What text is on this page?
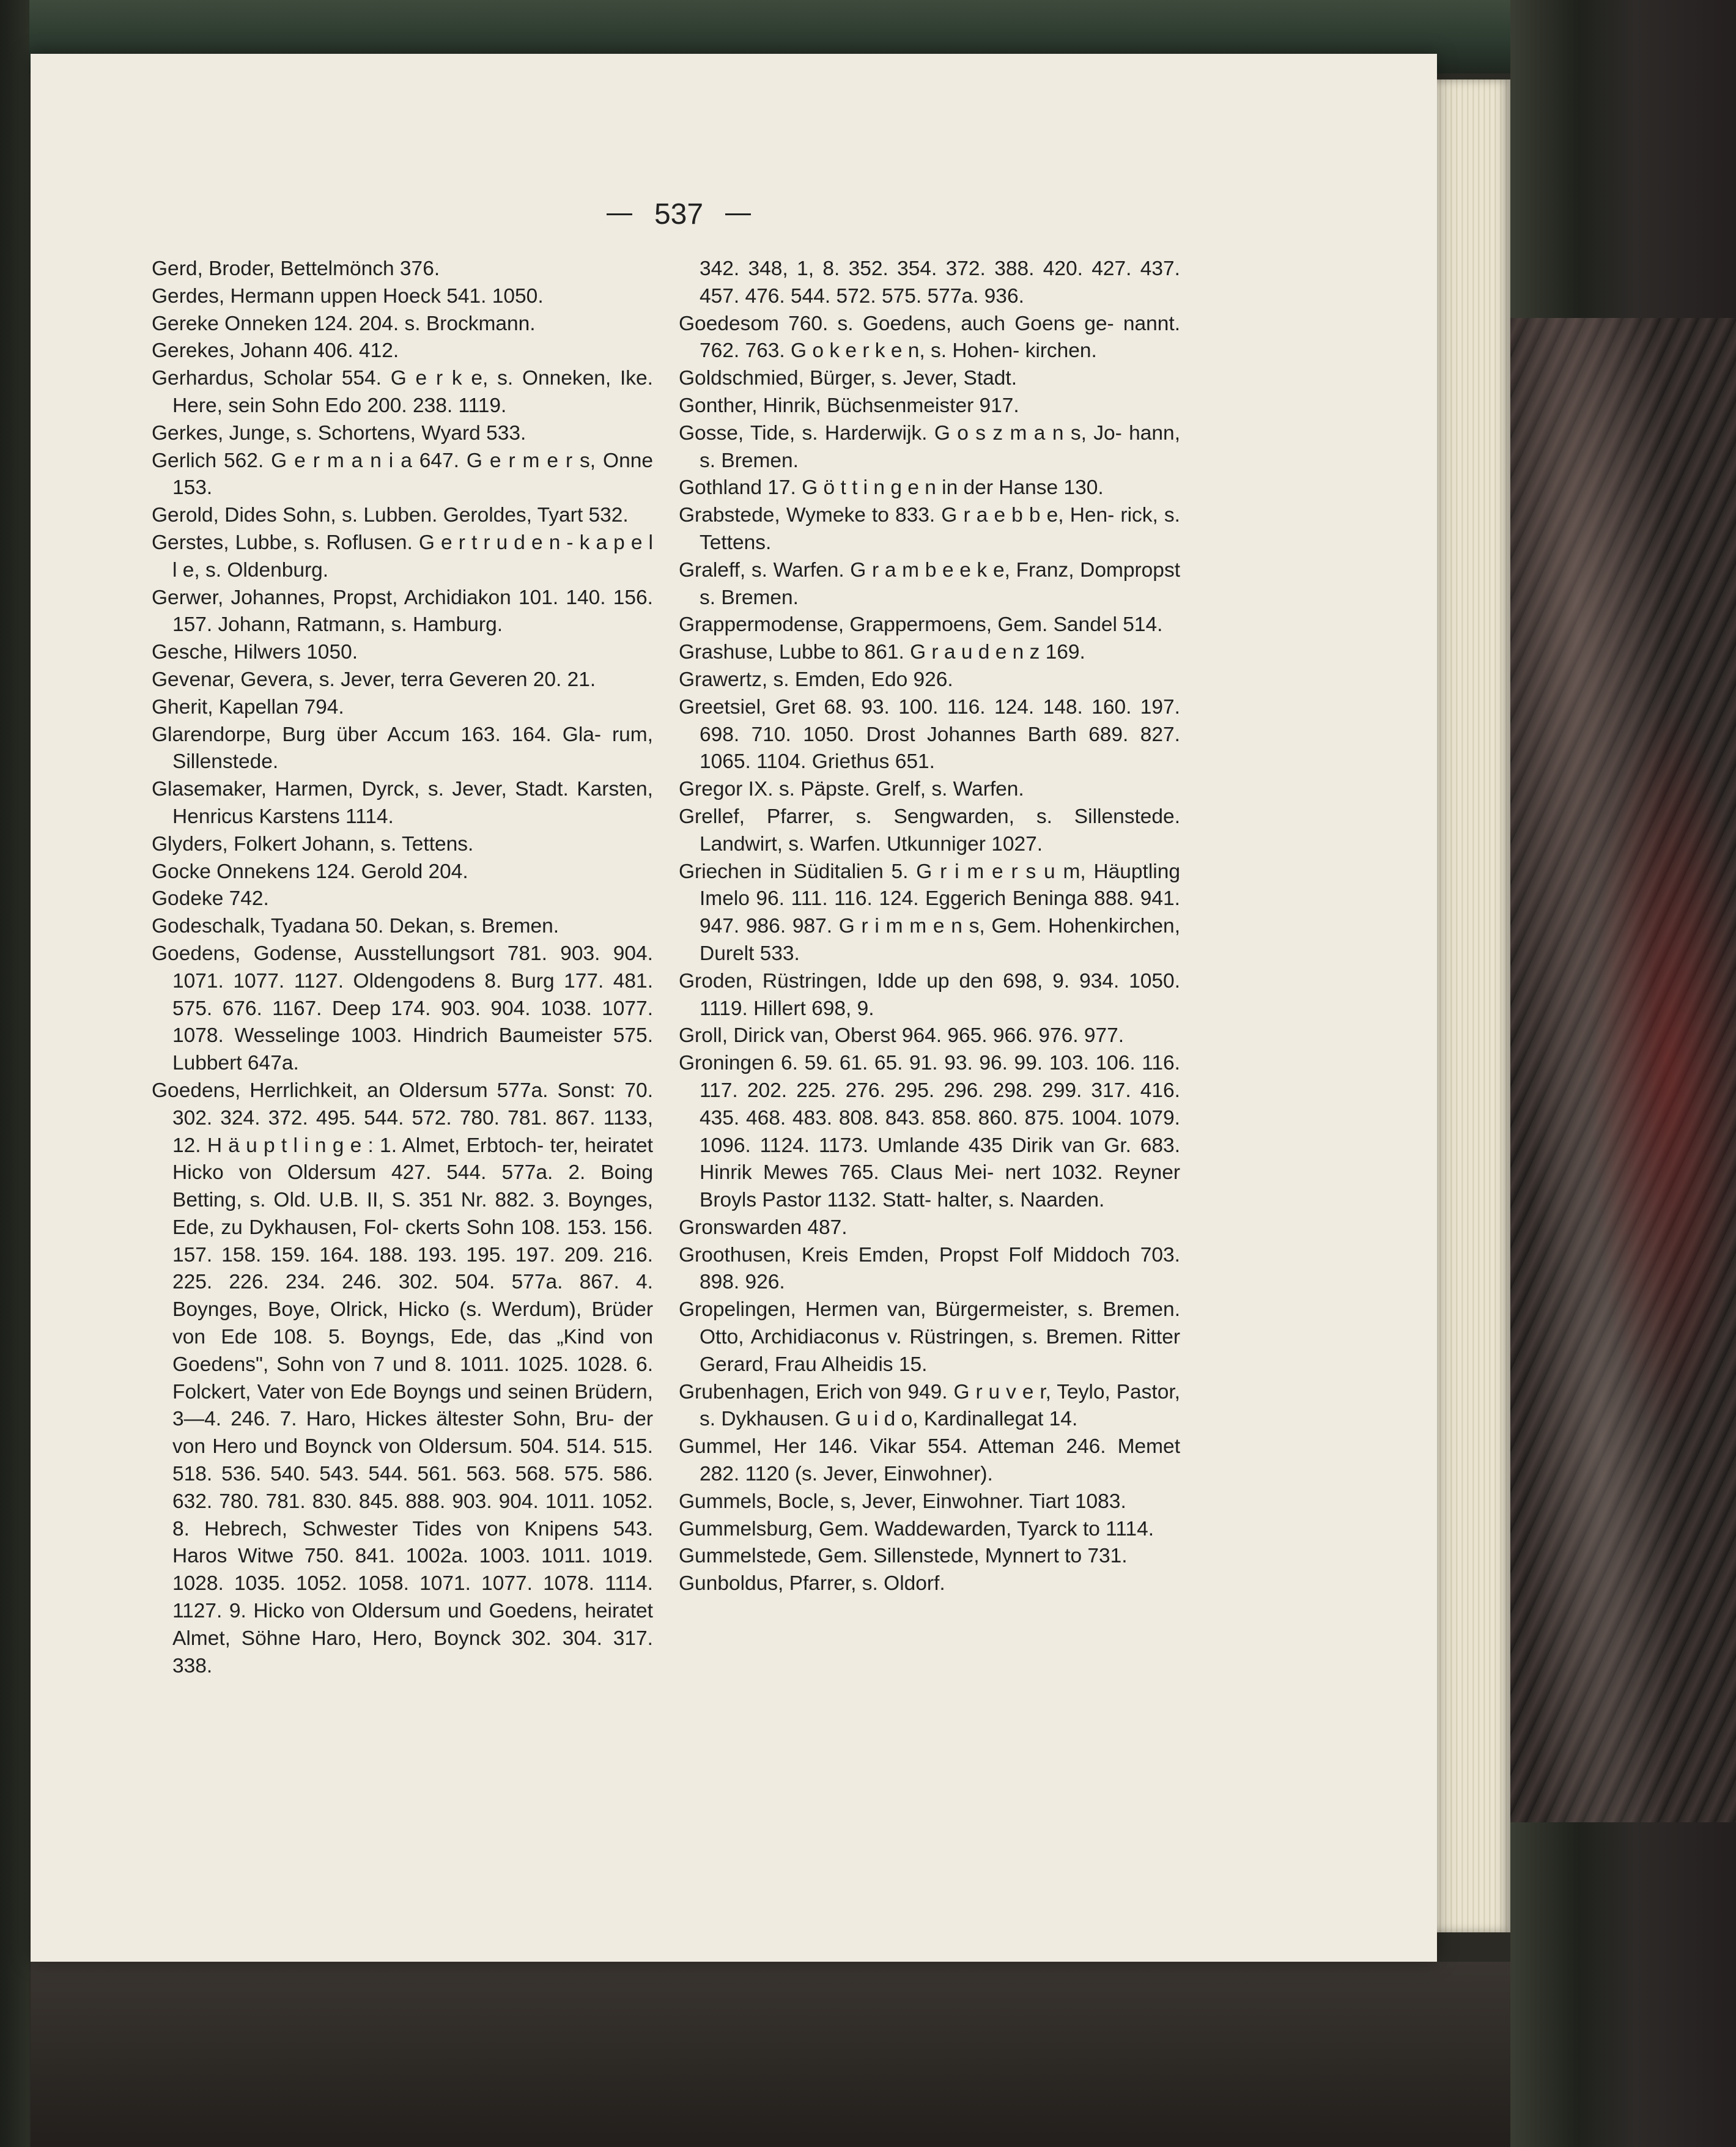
537

Gerd, Broder, Bettelmönch 376.

Gerdes, Hermann uppen Hoeck 541. 1050.

Gereke Onneken 124. 204. s. Brockmann.

Gerekes, Johann 406. 412.

Gerhardus, Scholar 554. G e r k e, s. Onneken, Ike. Here, sein Sohn Edo 200. 238. 1119.

Gerkes, Junge, s. Schortens, Wyard 533.

Gerlich 562. G e r m a n i a 647. G e r m e r s, Onne 153.

Gerold, Dides Sohn, s. Lubben. Geroldes, Tyart 532.

Gerstes, Lubbe, s. Roflusen. G e r t r u d e n - k a p e l l e, s. Oldenburg.

Gerwer, Johannes, Propst, Archidiakon 101. 140. 156. 157. Johann, Ratmann, s. Hamburg.

Gesche, Hilwers 1050.

Gevenar, Gevera, s. Jever, terra Geveren 20. 21.

Gherit, Kapellan 794.

Glarendorpe, Burg über Accum 163. 164. Gla- rum, Sillenstede.

Glasemaker, Harmen, Dyrck, s. Jever, Stadt. Karsten, Henricus Karstens 1114.

Glyders, Folkert Johann, s. Tettens.

Gocke Onnekens 124. Gerold 204.

Godeke 742.

Godeschalk, Tyadana 50. Dekan, s. Bremen.

Goedens, Godense, Ausstellungsort 781. 903. 904. 1071. 1077. 1127. Oldengodens 8. Burg 177. 481. 575. 676. 1167. Deep 174. 903. 904. 1038. 1077. 1078. Wesselinge 1003. Hindrich Baumeister 575. Lubbert 647a.

Goedens, Herrlichkeit, an Oldersum 577a. Sonst: 70. 302. 324. 372. 495. 544. 572. 780. 781. 867. 1133, 12. H ä u p t l i n g e : 1. Almet, Erbtoch- ter, heiratet Hicko von Oldersum 427. 544. 577a. 2. Boing Betting, s. Old. U.B. II, S. 351 Nr. 882. 3. Boynges, Ede, zu Dykhausen, Fol- ckerts Sohn 108. 153. 156. 157. 158. 159. 164. 188. 193. 195. 197. 209. 216. 225. 226. 234. 246. 302. 504. 577a. 867. 4. Boynges, Boye, Olrick, Hicko (s. Werdum), Brüder von Ede 108. 5. Boyngs, Ede, das „Kind von Goedens", Sohn von 7 und 8. 1011. 1025. 1028. 6. Folckert, Vater von Ede Boyngs und seinen Brüdern, 3—4. 246. 7. Haro, Hickes ältester Sohn, Bru- der von Hero und Boynck von Oldersum. 504. 514. 515. 518. 536. 540. 543. 544. 561. 563. 568. 575. 586. 632. 780. 781. 830. 845. 888. 903. 904. 1011. 1052. 8. Hebrech, Schwester Tides von Knipens 543. Haros Witwe 750. 841. 1002a. 1003. 1011. 1019. 1028. 1035. 1052. 1058. 1071. 1077. 1078. 1114. 1127. 9. Hicko von Oldersum und Goedens, heiratet Almet, Söhne Haro, Hero, Boynck 302. 304. 317. 338.

342. 348, 1, 8. 352. 354. 372. 388. 420. 427. 437. 457. 476. 544. 572. 575. 577a. 936.

Goedesom 760. s. Goedens, auch Goens ge- nannt. 762. 763. G o k e r k e n, s. Hohen- kirchen.

Goldschmied, Bürger, s. Jever, Stadt.

Gonther, Hinrik, Büchsenmeister 917.

Gosse, Tide, s. Harderwijk. G o s z m a n s, Jo- hann, s. Bremen.

Gothland 17. G ö t t i n g e n in der Hanse 130.

Grabstede, Wymeke to 833. G r a e b b e, Hen- rick, s. Tettens.

Graleff, s. Warfen. G r a m b e e k e, Franz, Dompropst s. Bremen.

Grappermodense, Grappermoens, Gem. Sandel 514.

Grashuse, Lubbe to 861. G r a u d e n z 169.

Grawertz, s. Emden, Edo 926.

Greetsiel, Gret 68. 93. 100. 116. 124. 148. 160. 197. 698. 710. 1050. Drost Johannes Barth 689. 827. 1065. 1104. Griethus 651.

Gregor IX. s. Päpste. Grelf, s. Warfen.

Grellef, Pfarrer, s. Sengwarden, s. Sillenstede. Landwirt, s. Warfen. Utkunniger 1027.

Griechen in Süditalien 5. G r i m e r s u m, Häuptling Imelo 96. 111. 116. 124. Eggerich Beninga 888. 941. 947. 986. 987. G r i m m e n s, Gem. Hohenkirchen, Durelt 533.

Groden, Rüstringen, Idde up den 698, 9. 934. 1050. 1119. Hillert 698, 9.

Groll, Dirick van, Oberst 964. 965. 966. 976. 977.

Groningen 6. 59. 61. 65. 91. 93. 96. 99. 103. 106. 116. 117. 202. 225. 276. 295. 296. 298. 299. 317. 416. 435. 468. 483. 808. 843. 858. 860. 875. 1004. 1079. 1096. 1124. 1173. Umlande 435 Dirik van Gr. 683. Hinrik Mewes 765. Claus Mei- nert 1032. Reyner Broyls Pastor 1132. Statt- halter, s. Naarden.

Gronswarden 487.

Groothusen, Kreis Emden, Propst Folf Middoch 703. 898. 926.

Gropelingen, Hermen van, Bürgermeister, s. Bremen. Otto, Archidiaconus v. Rüstringen, s. Bremen. Ritter Gerard, Frau Alheidis 15.

Grubenhagen, Erich von 949. G r u v e r, Teylo, Pastor, s. Dykhausen. G u i d o, Kardinallegat 14.

Gummel, Her 146. Vikar 554. Atteman 246. Memet 282. 1120 (s. Jever, Einwohner).

Gummels, Bocle, s, Jever, Einwohner. Tiart 1083.

Gummelsburg, Gem. Waddewarden, Tyarck to 1114.

Gummelstede, Gem. Sillenstede, Mynnert to 731.

Gunboldus, Pfarrer, s. Oldorf.
